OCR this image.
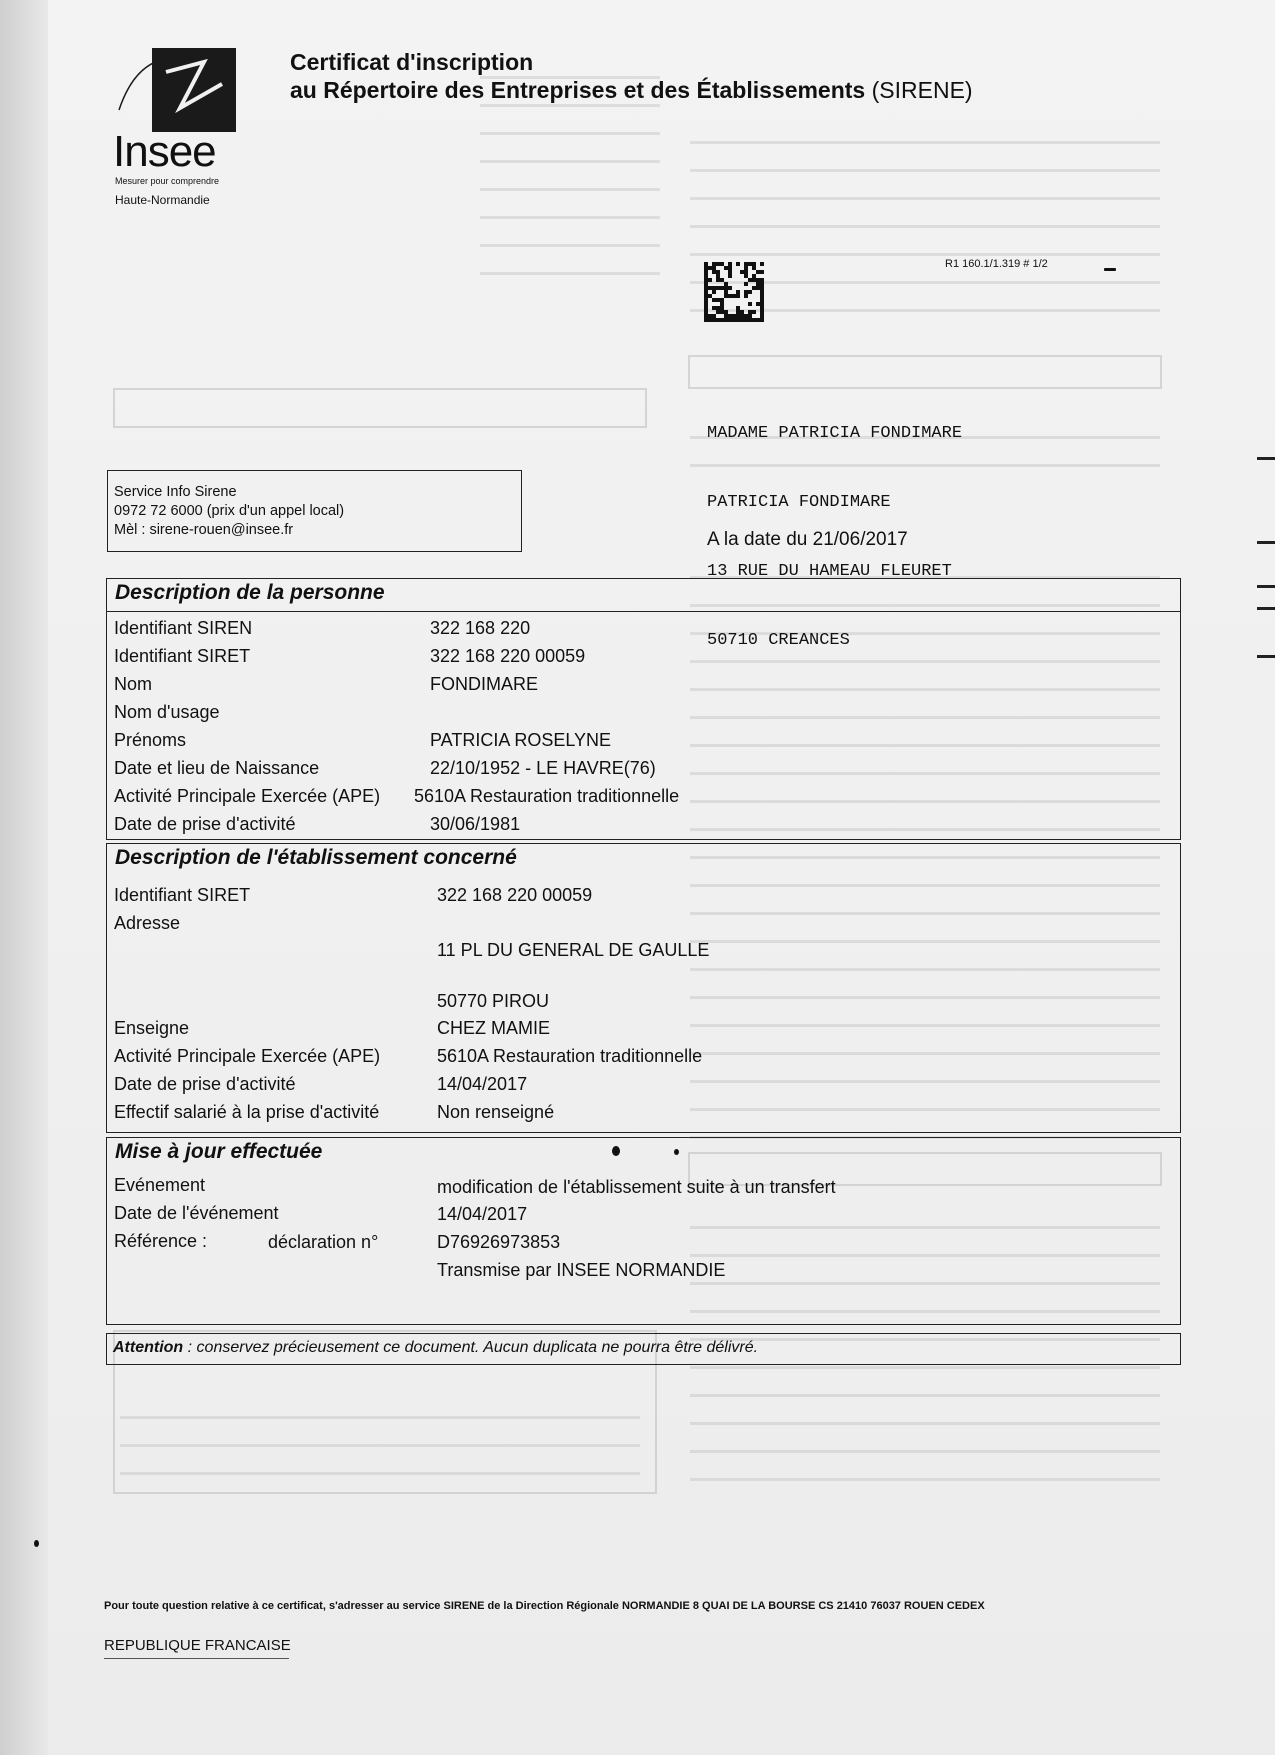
Insee
Mesurer pour comprendre
Haute-Normandie
Certificat d'inscription
au Répertoire des Entreprises et des Établissements (SIRENE)
R1 160.1/1.319 # 1/2

MADAME PATRICIA FONDIMARE

PATRICIA FONDIMARE

13 RUE DU HAMEAU FLEURET

50710 CREANCES

A la date du 21/06/2017
Service Info Sirene
0972 72 6000 (prix d'un appel local)
Mèl : sirene-rouen@insee.fr
Description de la personne
Identifiant SIREN	322 168 220
Identifiant SIRET	322 168 220 00059
Nom	FONDIMARE
Nom d'usage
Prénoms	PATRICIA ROSELYNE
Date et lieu de Naissance	22/10/1952 - LE HAVRE(76)
Activité Principale Exercée (APE) 5610A Restauration traditionnelle
Date de prise d'activité	30/06/1981
Description de l'établissement concerné
Identifiant SIRET	322 168 220 00059
Adresse
11 PL DU GENERAL DE GAULLE
50770 PIROU
Enseigne	CHEZ MAMIE
Activité Principale Exercée (APE)	5610A Restauration traditionnelle
Date de prise d'activité	14/04/2017
Effectif salarié à la prise d'activité	Non renseigné
Mise à jour effectuée
Evénement	modification de l'établissement suite à un transfert
Date de l'événement	14/04/2017
Référence :	déclaration n°	D76926973853
Transmise par INSEE NORMANDIE
Attention : conservez précieusement ce document. Aucun duplicata ne pourra être délivré.
Pour toute question relative à ce certificat, s'adresser au service SIRENE de la Direction Régionale NORMANDIE 8 QUAI DE LA BOURSE CS 21410 76037 ROUEN CEDEX
REPUBLIQUE FRANCAISE
